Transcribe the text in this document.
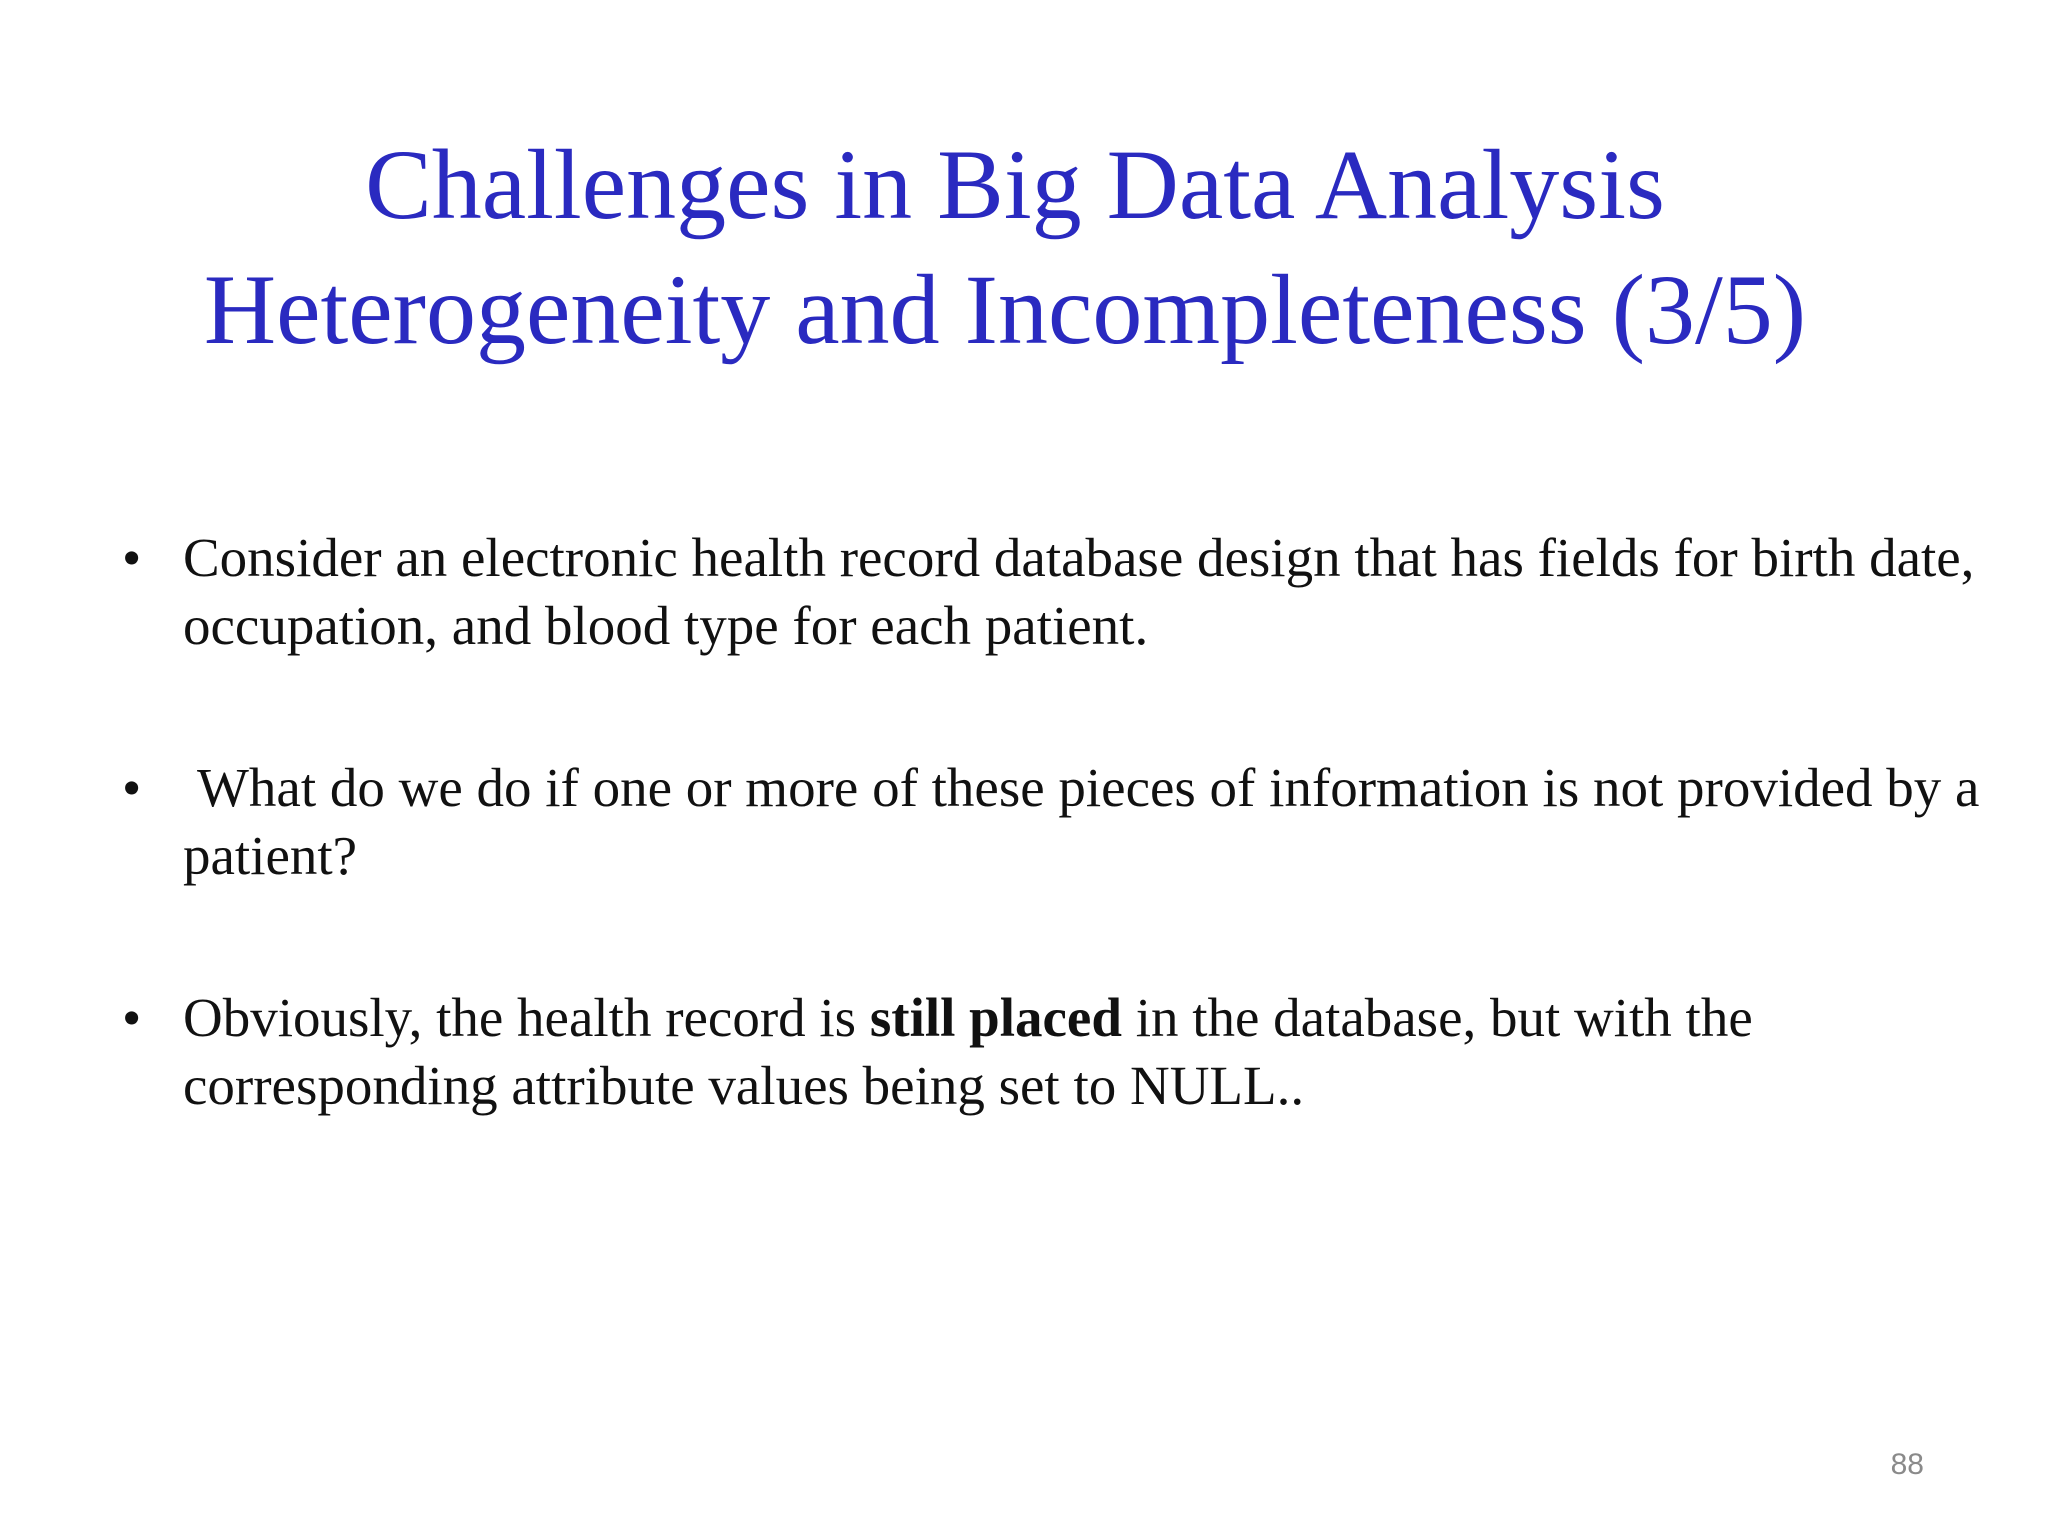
Challenges in Big Data Analysis
Heterogeneity and Incompleteness (3/5)
• Consider an electronic health record database design that has fields for birth date, occupation, and blood type for each patient.
• What do we do if one or more of these pieces of information is not provided by a patient?
• Obviously, the health record is still placed in the database, but with the corresponding attribute values being set to NULL..
88
